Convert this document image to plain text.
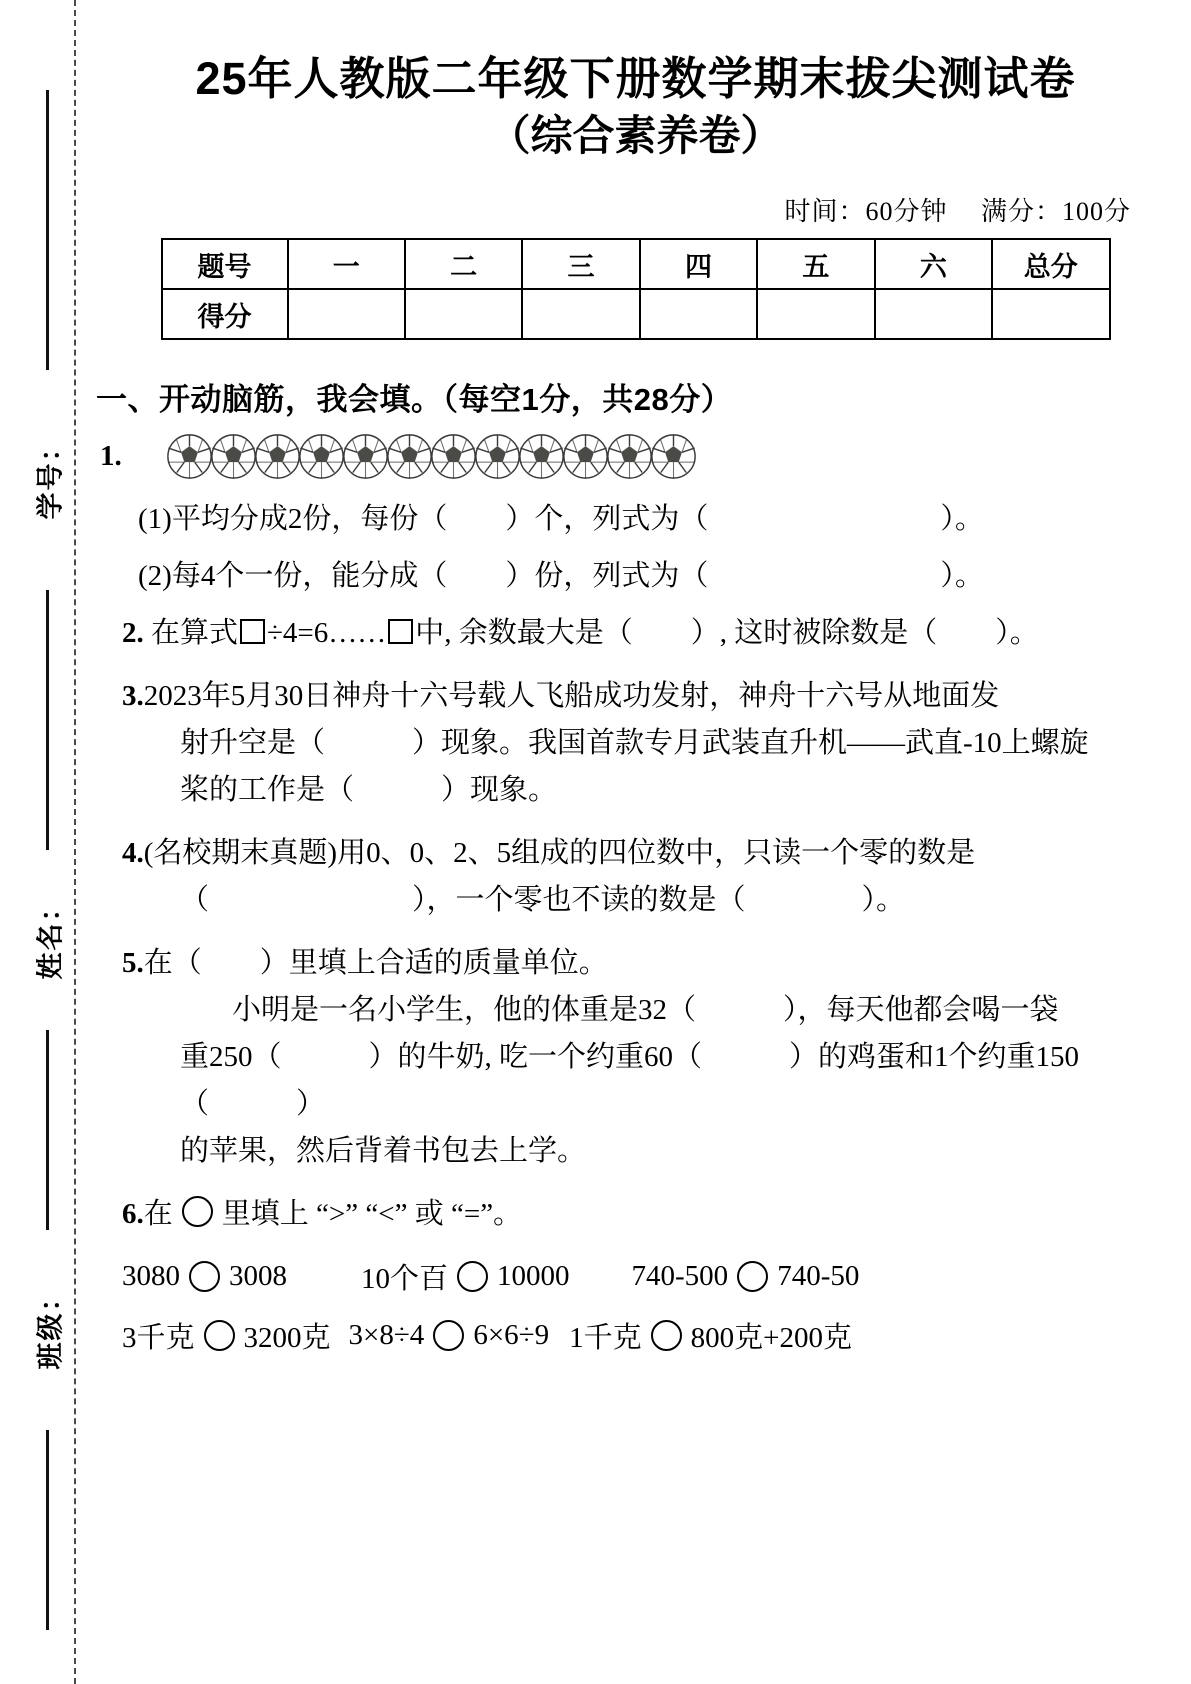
学号：
姓名：
班级：
25年人教版二年级下册数学期末拔尖测试卷
（综合素养卷）
时间：60分钟 满分：100分
题号	一	二	三	四	五	六	总分
得分							
一、开动脑筋，我会填。（每空1分，共28分）
1.
(1)平均分成2份，每份（　　）个，列式为（　　　　　　　　）。
(2)每4个一份，能分成（　　）份，列式为（　　　　　　　　）。
2. 在算式 ÷4=6…… 中, 余数最大是（　　）, 这时被除数是（　　）。
3.2023年5月30日神舟十六号载人飞船成功发射，神舟十六号从地面发
射升空是（　　　）现象。我国首款专月武装直升机——武直-10上螺旋
桨的工作是（　　　）现象。
4.(名校期末真题)用0、0、2、5组成的四位数中，只读一个零的数是
（　　　　　　　），一个零也不读的数是（　　　　）。
5.在（　　）里填上合适的质量单位。
小明是一名小学生，他的体重是32（　　　），每天他都会喝一袋
重250（　　　）的牛奶, 吃一个约重60（　　　）的鸡蛋和1个约重150（　　　）
的苹果，然后背着书包去上学。
6.在 里填上 “>” “<” 或 “=”。
3080 3008	10个百 10000 740-500 740-50
3千克 3200克 3×8÷4 6×6÷9 1千克 800克+200克
